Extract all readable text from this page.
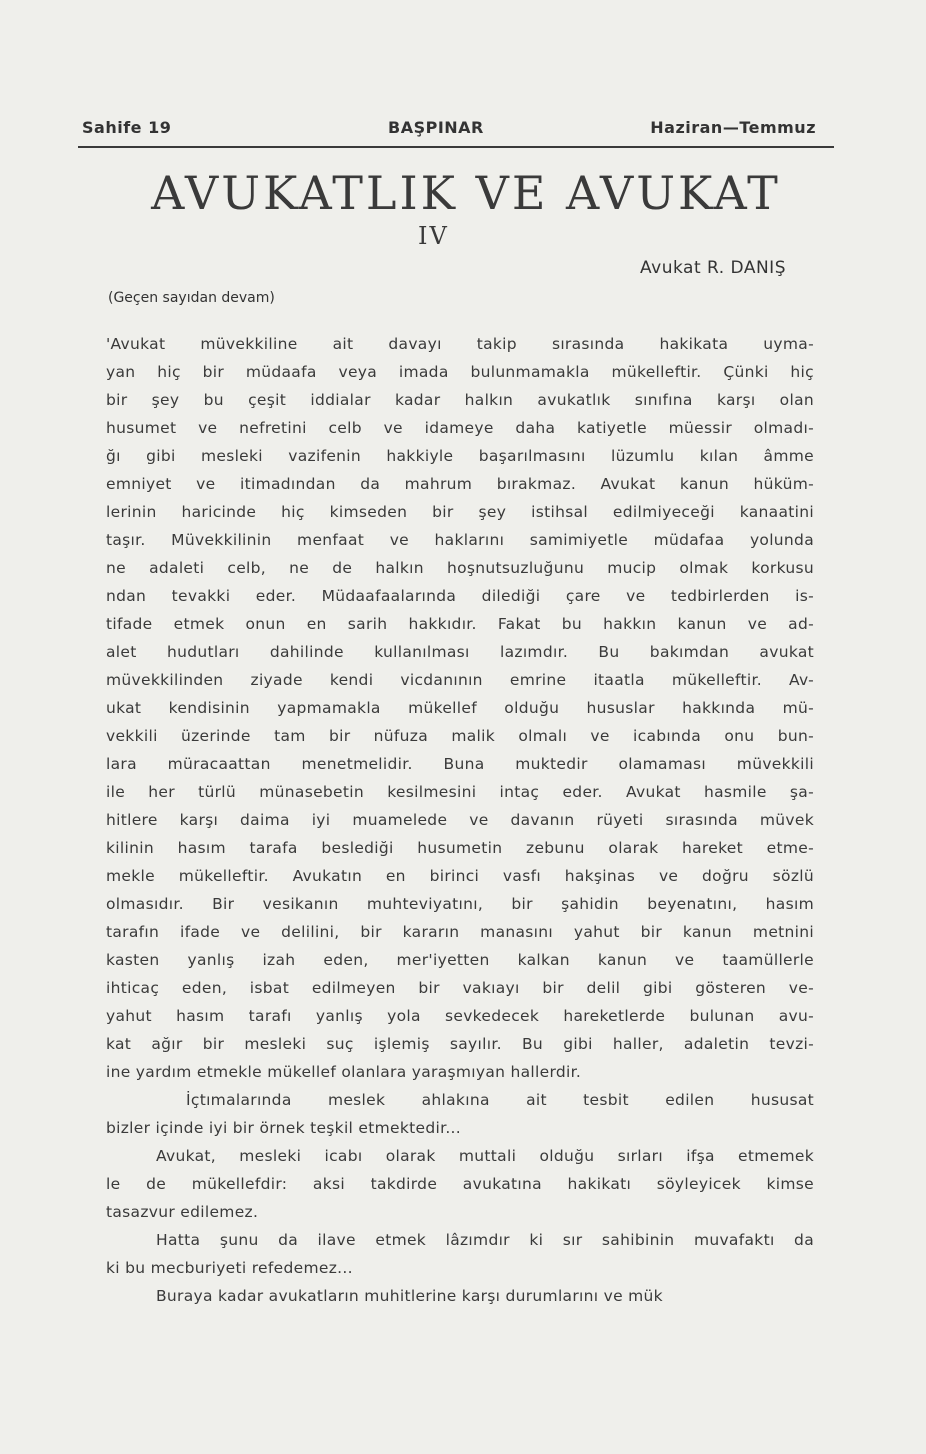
Sahife 19	BAŞPINAR	Haziran—Temmuz
AVUKATLIK VE AVUKAT
IV
Avukat R. DANIŞ
(Geçen sayıdan devam)
'Avukat müvekkiline ait davayı takip sırasında hakikata uyma-
yan hiç bir müdaafa veya imada bulunmamakla mükelleftir. Çünki hiç
bir şey bu çeşit iddialar kadar halkın avukatlık sınıfına karşı olan
husumet ve nefretini celb ve idameye daha katiyetle müessir olmadı-
ğı gibi mesleki vazifenin hakkiyle başarılmasını lüzumlu kılan âmme
emniyet ve itimadından da mahrum bırakmaz. Avukat kanun hüküm-
lerinin haricinde hiç kimseden bir şey istihsal edilmiyeceği kanaatini
taşır. Müvekkilinin menfaat ve haklarını samimiyetle müdafaa yolunda
ne adaleti celb, ne de halkın hoşnutsuzluğunu mucip olmak korkusu
ndan tevakki eder. Müdaafaalarında dilediği çare ve tedbirlerden is-
tifade etmek onun en sarih hakkıdır. Fakat bu hakkın kanun ve ad-
alet hudutları dahilinde kullanılması lazımdır. Bu bakımdan avukat
müvekkilinden ziyade kendi vicdanının emrine itaatla mükelleftir. Av-
ukat kendisinin yapmamakla mükellef olduğu hususlar hakkında mü-
vekkili üzerinde tam bir nüfuza malik olmalı ve icabında onu bun-
lara müracaattan menetmelidir. Buna muktedir olamaması müvekkili
ile her türlü münasebetin kesilmesini intaç eder. Avukat hasmile şa-
hitlere karşı daima iyi muamelede ve davanın rüyeti sırasında müvek
kilinin hasım tarafa beslediği husumetin zebunu olarak hareket etme-
mekle mükelleftir. Avukatın en birinci vasfı hakşinas ve doğru sözlü
olmasıdır. Bir vesikanın muhteviyatını, bir şahidin beyenatını, hasım
tarafın ifade ve delilini, bir kararın manasını yahut bir kanun metnini
kasten yanlış izah eden, mer'iyetten kalkan kanun ve taamüllerle
ihticaç eden, isbat edilmeyen bir vakıayı bir delil gibi gösteren ve-
yahut hasım tarafı yanlış yola sevkedecek hareketlerde bulunan avu-
kat ağır bir mesleki suç işlemiş sayılır. Bu gibi haller, adaletin tevzi-
ine yardım etmekle mükellef olanlara yaraşmıyan hallerdir.
İçtımalarında meslek ahlakına ait tesbit edilen hususat
bizler içinde iyi bir örnek teşkil etmektedir...
Avukat, mesleki icabı olarak muttali olduğu sırları ifşa etmemek
le de mükellefdir: aksi takdirde avukatına hakikatı söyleyicek kimse
tasazvur edilemez.
Hatta şunu da ilave etmek lâzımdır ki sır sahibinin muvafaktı da
ki bu mecburiyeti refedemez...
Buraya kadar avukatların muhitlerine karşı durumlarını ve mük
